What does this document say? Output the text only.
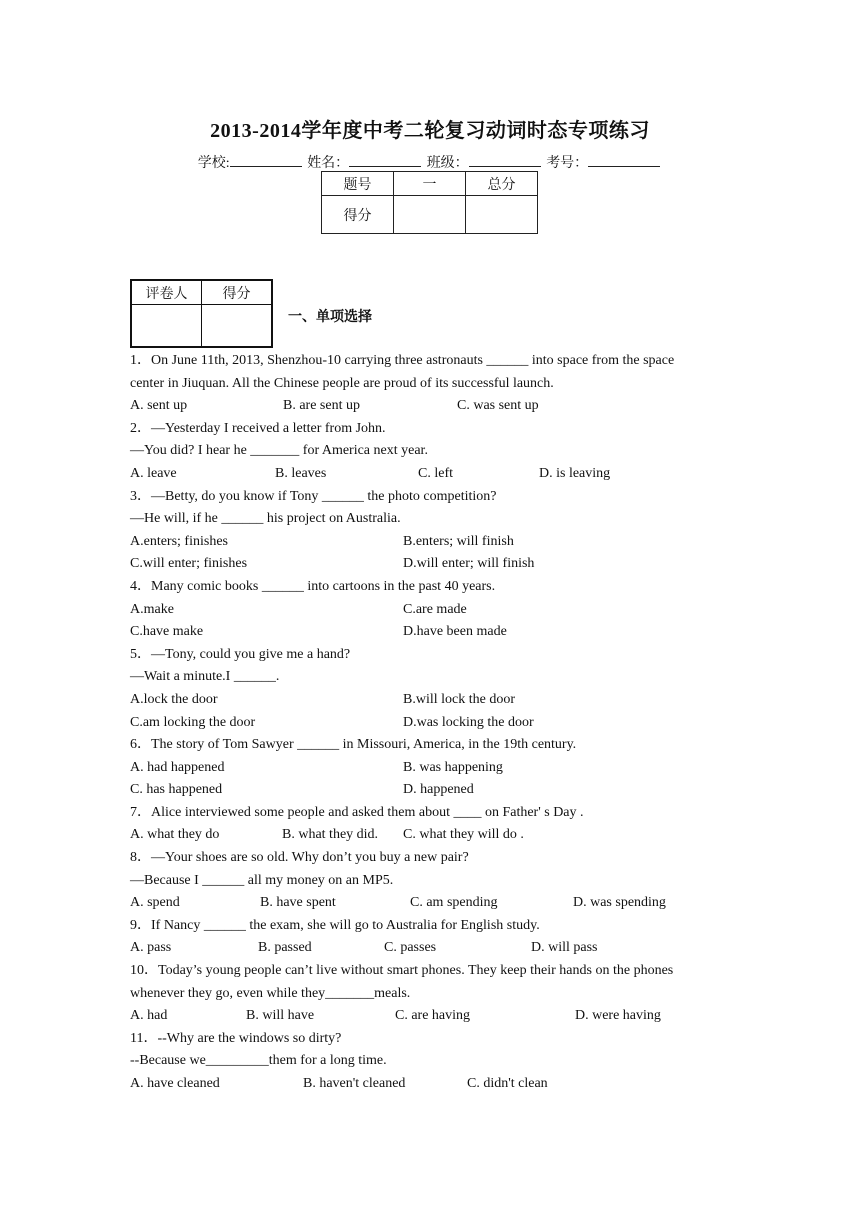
2013-2014学年度中考二轮复习动词时态专项练习
学校:	姓名：	班级：	考号：
题号	一	总分
得分		
评卷人	得分

一、单项选择
1．On June 11th, 2013, Shenzhou-10 carrying three astronauts ______ into space from the space
center in Jiuquan. All the Chinese people are proud of its successful launch.
A. sent up	B. are sent up	C. was sent up
2．—Yesterday I received a letter from John.
—You did? I hear he _______ for America next year.
A. leave	B. leaves	C. left	D. is leaving
3．—Betty, do you know if Tony ______ the photo competition?
—He will, if he ______ his project on Australia.
A.enters; finishes	B.enters; will finish
C.will enter; finishes	D.will enter; will finish
4．Many comic books ______ into cartoons in the past 40 years.
A.make	C.are made
C.have make	D.have been made
5．—Tony, could you give me a hand?
—Wait a minute.I ______.
A.lock the door	B.will lock the door
C.am locking the door	D.was locking the door
6．The story of Tom Sawyer ______ in Missouri, America, in the 19th century.
A. had happened	B. was happening
C. has happened	D. happened
7．Alice interviewed some people and asked them about ____ on Father' s Day .
A. what they do	B. what they did. C. what they will do .
8．—Your shoes are so old. Why don’t you buy a new pair?
—Because I ______ all my money on an MP5.
A. spend	B. have spent	C. am spending	D. was spending
9．If Nancy ______ the exam, she will go to Australia for English study.
A. pass	B. passed	C. passes	D. will pass
10．Today’s young people can’t live without smart phones. They keep their hands on the phones
whenever they go, even while they_______meals.
A. had	B. will have	C. are having	D. were having
11．--Why are the windows so dirty?
--Because we_________them for a long time.
A. have cleaned	B. haven't cleaned	C. didn't clean
